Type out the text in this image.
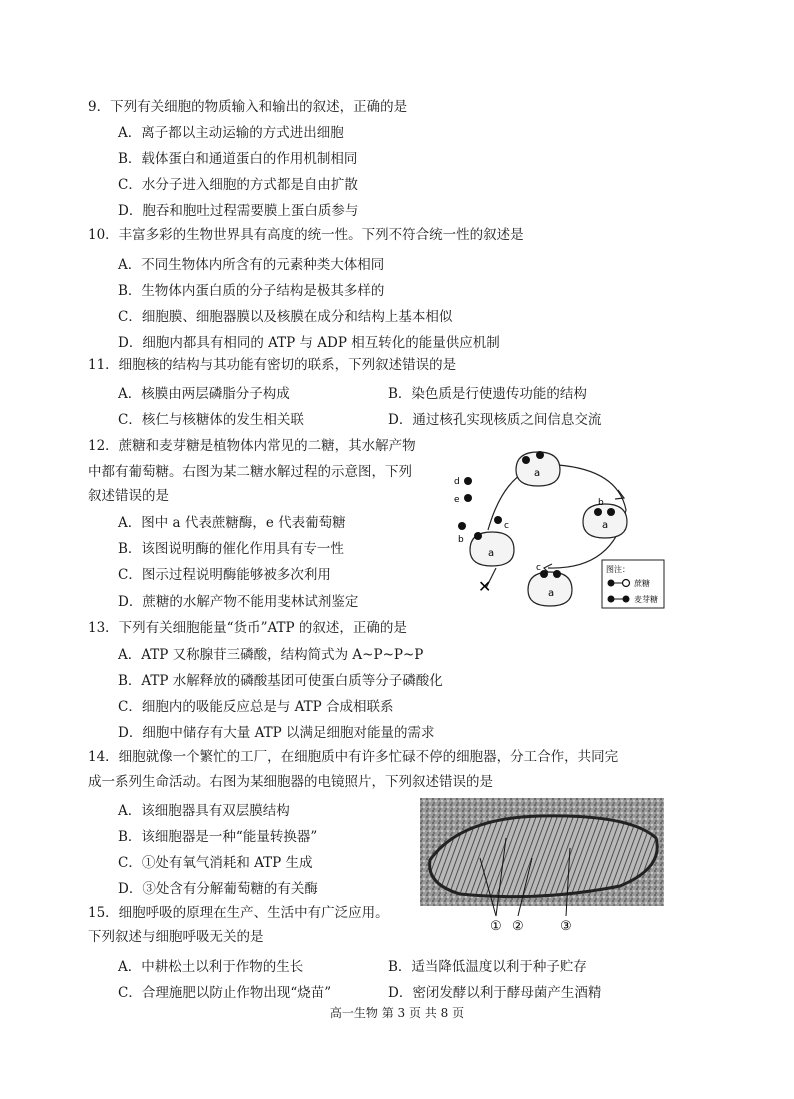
9．下列有关细胞的物质输入和输出的叙述，正确的是
A．离子都以主动运输的方式进出细胞
B．载体蛋白和通道蛋白的作用机制相同
C．水分子进入细胞的方式都是自由扩散
D．胞吞和胞吐过程需要膜上蛋白质参与
10．丰富多彩的生物世界具有高度的统一性。下列不符合统一性的叙述是
A．不同生物体内所含有的元素种类大体相同
B．生物体内蛋白质的分子结构是极其多样的
C．细胞膜、细胞器膜以及核膜在成分和结构上基本相似
D．细胞内都具有相同的 ATP 与 ADP 相互转化的能量供应机制
11．细胞核的结构与其功能有密切的联系，下列叙述错误的是
A．核膜由两层磷脂分子构成	B．染色质是行使遗传功能的结构
C．核仁与核糖体的发生相关联	D．通过核孔实现核质之间信息交流
12．蔗糖和麦芽糖是植物体内常见的二糖，其水解产物
中都有葡萄糖。右图为某二糖水解过程的示意图，下列
叙述错误的是
A．图中 a 代表蔗糖酶，e 代表葡萄糖
B．该图说明酶的催化作用具有专一性
C．图示过程说明酶能够被多次利用
D．蔗糖的水解产物不能用斐林试剂鉴定
a
a
b
a
b
c
d
e
✕	a
c	图注：
蔗糖
麦芽糖
13．下列有关细胞能量“货币”ATP 的叙述，正确的是
A．ATP 又称腺苷三磷酸，结构简式为 A~P~P~P
B．ATP 水解释放的磷酸基团可使蛋白质等分子磷酸化
C．细胞内的吸能反应总是与 ATP 合成相联系
D．细胞中储存有大量 ATP 以满足细胞对能量的需求
14．细胞就像一个繁忙的工厂，在细胞质中有许多忙碌不停的细胞器，分工合作，共同完
成一系列生命活动。右图为某细胞器的电镜照片，下列叙述错误的是
A．该细胞器具有双层膜结构
B．该细胞器是一种“能量转换器”
C．①处有氧气消耗和 ATP 生成
D．③处含有分解葡萄糖的有关酶
① ②	③
15．细胞呼吸的原理在生产、生活中有广泛应用。
下列叙述与细胞呼吸无关的是
A．中耕松土以利于作物的生长	B．适当降低温度以利于种子贮存
C．合理施肥以防止作物出现“烧苗”	D．密闭发酵以利于酵母菌产生酒精
高一生物 第 3 页 共 8 页
